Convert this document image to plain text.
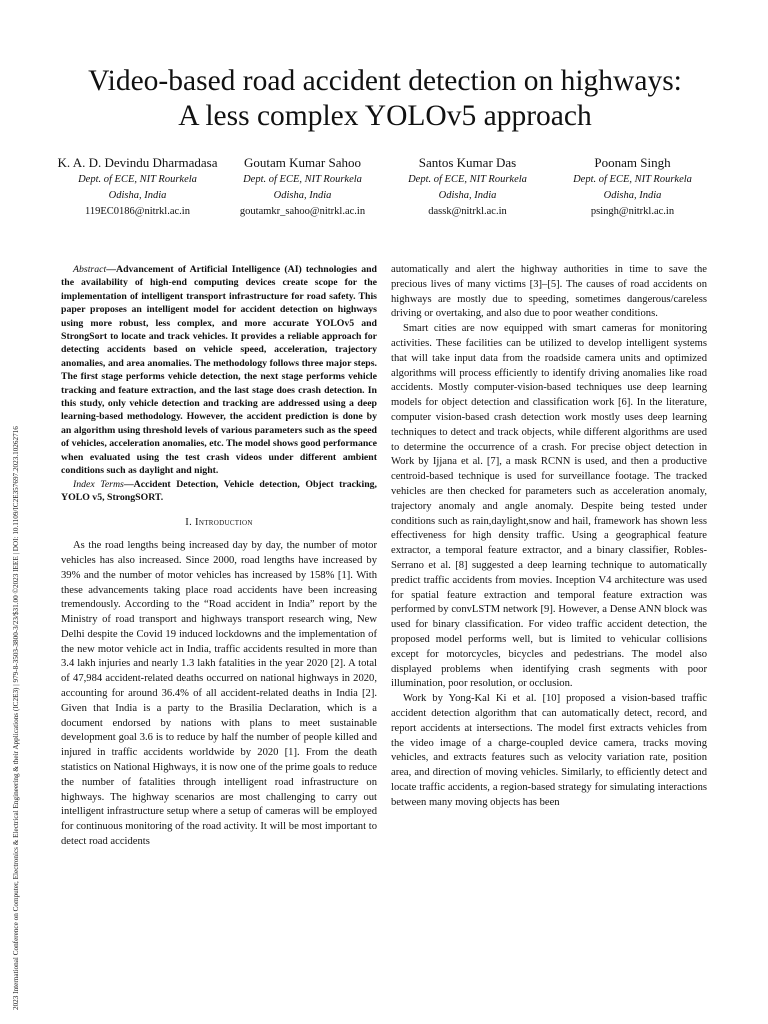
2023 International Conference on Computer, Electronics & Electrical Engineering & their Applications (IC2E3) | 979-8-3503-3800-3/23/$31.00 ©2023 IEEE | DOI: 10.1109/IC2E357697.2023.10262716
Video-based road accident detection on highways:
A less complex YOLOv5 approach
K. A. D. Devindu Dharmadasa
Dept. of ECE, NIT Rourkela
Odisha, India
119EC0186@nitrkl.ac.in
Goutam Kumar Sahoo
Dept. of ECE, NIT Rourkela
Odisha, India
goutamkr_sahoo@nitrkl.ac.in
Santos Kumar Das
Dept. of ECE, NIT Rourkela
Odisha, India
dassk@nitrkl.ac.in
Poonam Singh
Dept. of ECE, NIT Rourkela
Odisha, India
psingh@nitrkl.ac.in

Abstract—Advancement of Artificial Intelligence (AI) technologies and the availability of high-end computing devices create scope for the implementation of intelligent transport infrastructure for road safety. This paper proposes an intelligent model for accident detection on highways using more robust, less complex, and more accurate YOLOv5 and StrongSort to locate and track vehicles. It provides a reliable approach for detecting accidents based on vehicle speed, acceleration, trajectory anomalies, and area anomalies. The methodology follows three major steps. The first stage performs vehicle detection, the next stage performs vehicle tracking and feature extraction, and the last stage does crash detection. In this study, only vehicle detection and tracking are addressed using a deep learning-based methodology. However, the accident prediction is done by an algorithm using threshold levels of various parameters such as the speed of vehicles, acceleration anomalies, etc. The model shows good performance when evaluated using the test crash videos under different ambient conditions such as daylight and night.

Index Terms—Accident Detection, Vehicle detection, Object tracking, YOLO v5, StrongSORT.

I. Introduction

As the road lengths being increased day by day, the number of motor vehicles has also increased. Since 2000, road lengths have increased by 39% and the number of motor vehicles has increased by 158% [1]. With these advancements taking place road accidents have been increasing tremendously. According to the “Road accident in India” report by the Ministry of road transport and highways transport research wing, New Delhi despite the Covid 19 induced lockdowns and the implementation of the new motor vehicle act in India, traffic accidents resulted in more than 3.4 lakh injuries and nearly 1.3 lakh fatalities in the year 2020 [2]. A total of 47,984 accident-related deaths occurred on national highways in 2020, accounting for around 36.4% of all accident-related deaths in India [2]. Given that India is a party to the Brasilia Declaration, which is a document endorsed by nations with plans to meet sustainable development goal 3.6 is to reduce by half the number of people killed and injured in traffic accidents worldwide by 2020 [1]. From the death statistics on National Highways, it is now one of the prime goals to reduce the number of fatalities through intelligent road infrastructure on highways. The highway scenarios are most challenging to carry out intelligent infrastructure setup where a setup of cameras will be employed for continuous monitoring of the road activity. It will be most important to detect road accidents

automatically and alert the highway authorities in time to save the precious lives of many victims [3]–[5]. The causes of road accidents on highways are mostly due to speeding, sometimes dangerous/careless driving or overtaking, and also due to poor weather conditions.

Smart cities are now equipped with smart cameras for monitoring activities. These facilities can be utilized to develop intelligent systems that will take input data from the roadside camera units and optimized algorithms will process efficiently to identify driving anomalies like road accidents. Mostly computer-vision-based techniques use deep learning models for object detection and classification work [6]. In the literature, computer vision-based crash detection work mostly uses deep learning techniques to detect and track objects, while different algorithms are used to determine the occurrence of a crash. For precise object detection in Work by Ijjana et al. [7], a mask RCNN is used, and then a productive centroid-based technique is used for surveillance footage. The tracked vehicles are then checked for parameters such as acceleration anomaly, trajectory anomaly and angle anomaly. Despite being tested under conditions such as rain,daylight,snow and hail, framework has shown less effectiveness for high density traffic. Using a geographical feature extractor, a temporal feature extractor, and a binary classifier, Robles-Serrano et al. [8] suggested a deep learning technique to automatically predict traffic accidents from movies. Inception V4 architecture was used for spatial feature extraction and temporal feature extraction was performed by convLSTM network [9]. However, a Dense ANN block was used for binary classification. For video traffic accident detection, the proposed model performs well, but is limited to vehicular collisions except for motorcycles, bicycles and pedestrians. The model also displayed problems when identifying crash segments with poor illumination, poor resolution, or occlusion.

Work by Yong-Kal Ki et al. [10] proposed a vision-based traffic accident detection algorithm that can automatically detect, record, and report accidents at intersections. The model first extracts vehicles from the video image of a charge-coupled device camera, tracks moving vehicles, and extracts features such as velocity variation rate, position area, and direction of moving vehicles. Similarly, to efficiently detect and locate traffic accidents, a region-based strategy for simulating interactions between many moving objects has been
